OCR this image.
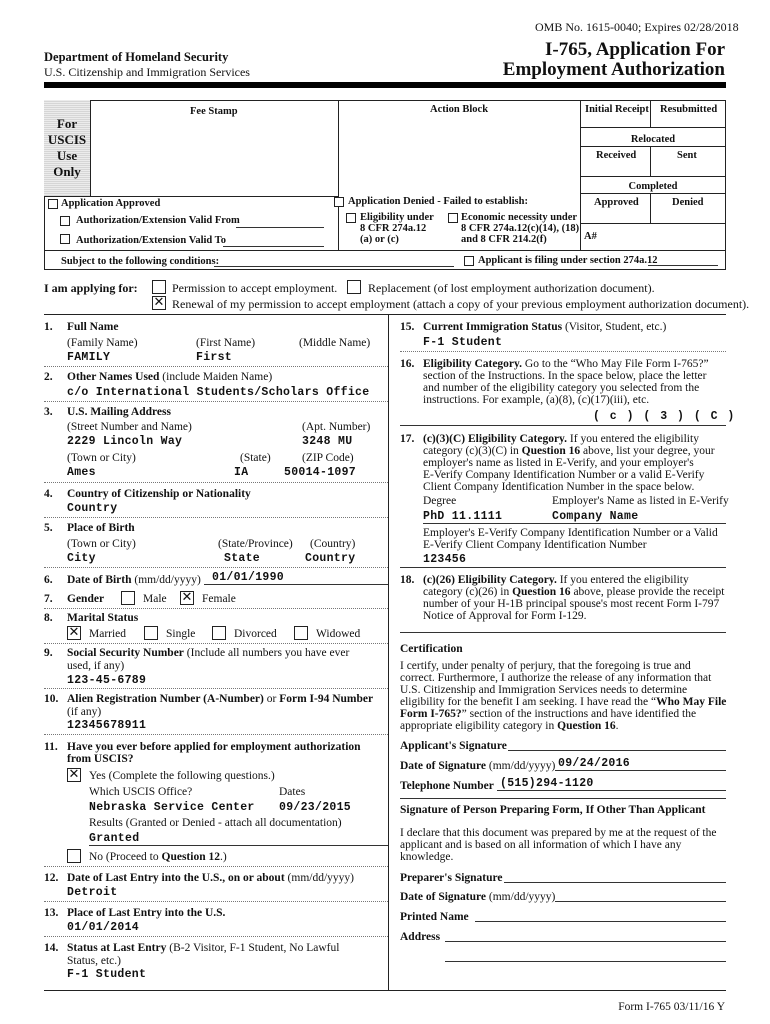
OMB No. 1615-0040; Expires 02/28/2018
Department of Homeland Security
U.S. Citizenship and Immigration Services
I-765, Application For
Employment Authorization
For
USCIS
Use
Only
Fee Stamp	Action Block	Initial Receipt Resubmitted
Relocated
Received	Sent
Completed
Approved	Denied
A#
Application Approved
Authorization/Extension Valid From
Authorization/Extension Valid To
Application Denied - Failed to establish:
Eligibility under
8 CFR 274a.12
(a) or (c)
Economic necessity under
8 CFR 274a.12(c)(14), (18)
and 8 CFR 214.2(f)
Subject to the following conditions:	Applicant is filing under section 274a.12
I am applying for:	Permission to accept employment.	Replacement (of lost employment authorization document).
✕ Renewal of my permission to accept employment (attach a copy of your previous employment authorization document).
1. Full Name
(Family Name)	(First Name)	(Middle Name)
FAMILY	First
2. Other Names Used (include Maiden Name)
c/o International Students/Scholars Office
3. U.S. Mailing Address
(Street Number and Name)	(Apt. Number)
2229 Lincoln Way	3248 MU
(Town or City)	(State)	(ZIP Code)
Ames	IA	50014-1097
4. Country of Citizenship or Nationality
Country
5. Place of Birth
(Town or City)	(State/Province) (Country)
City	State	Country
6. Date of Birth (mm/dd/yyyy) 01/01/1990
7. Gender	Male ✕ Female
8. Marital Status
✕ Married	Single	Divorced	Widowed
9. Social Security Number (Include all numbers you have ever
used, if any)
123-45-6789
10. Alien Registration Number (A-Number) or Form I-94 Number
(if any)
12345678911
11. Have you ever before applied for employment authorization
from USCIS?
✕ Yes (Complete the following questions.)
Which USCIS Office?	Dates
Nebraska Service Center 09/23/2015
Results (Granted or Denied - attach all documentation)
Granted
No (Proceed to Question 12.)
12. Date of Last Entry into the U.S., on or about (mm/dd/yyyy)
Detroit
13. Place of Last Entry into the U.S.
01/01/2014
14. Status at Last Entry (B-2 Visitor, F-1 Student, No Lawful
Status, etc.)
F-1 Student
15. Current Immigration Status (Visitor, Student, etc.)
F-1 Student
16. Eligibility Category. Go to the “Who May File Form I-765?”
section of the Instructions. In the space below, place the letter
and number of the eligibility category you selected from the
instructions. For example, (a)(8), (c)(17)(iii), etc.
( c ) ( 3 ) ( C )
17. (c)(3)(C) Eligibility Category. If you entered the eligibility
category (c)(3)(C) in Question 16 above, list your degree, your
employer's name as listed in E-Verify, and your employer's
E-Verify Company Identification Number or a valid E-Verify
Client Company Identification Number in the space below.
Degree	Employer's Name as listed in E-Verify
PhD 11.1111	Company Name
Employer's E-Verify Company Identification Number or a Valid
E-Verify Client Company Identification Number
123456
18. (c)(26) Eligibility Category. If you entered the eligibility
category (c)(26) in Question 16 above, please provide the receipt
number of your H-1B principal spouse's most recent Form I-797
Notice of Approval for Form I-129.
Certification
I certify, under penalty of perjury, that the foregoing is true and
correct. Furthermore, I authorize the release of any information that
U.S. Citizenship and Immigration Services needs to determine
eligibility for the benefit I am seeking. I have read the “Who May File
Form I-765?” section of the instructions and have identified the
appropriate eligibility category in Question 16.
Applicant's Signature
Date of Signature (mm/dd/yyyy) 09/24/2016
Telephone Number (515)294-1120
Signature of Person Preparing Form, If Other Than Applicant
I declare that this document was prepared by me at the request of the
applicant and is based on all information of which I have any
knowledge.
Preparer's Signature
Date of Signature (mm/dd/yyyy)
Printed Name
Address
Form I-765 03/11/16 Y
